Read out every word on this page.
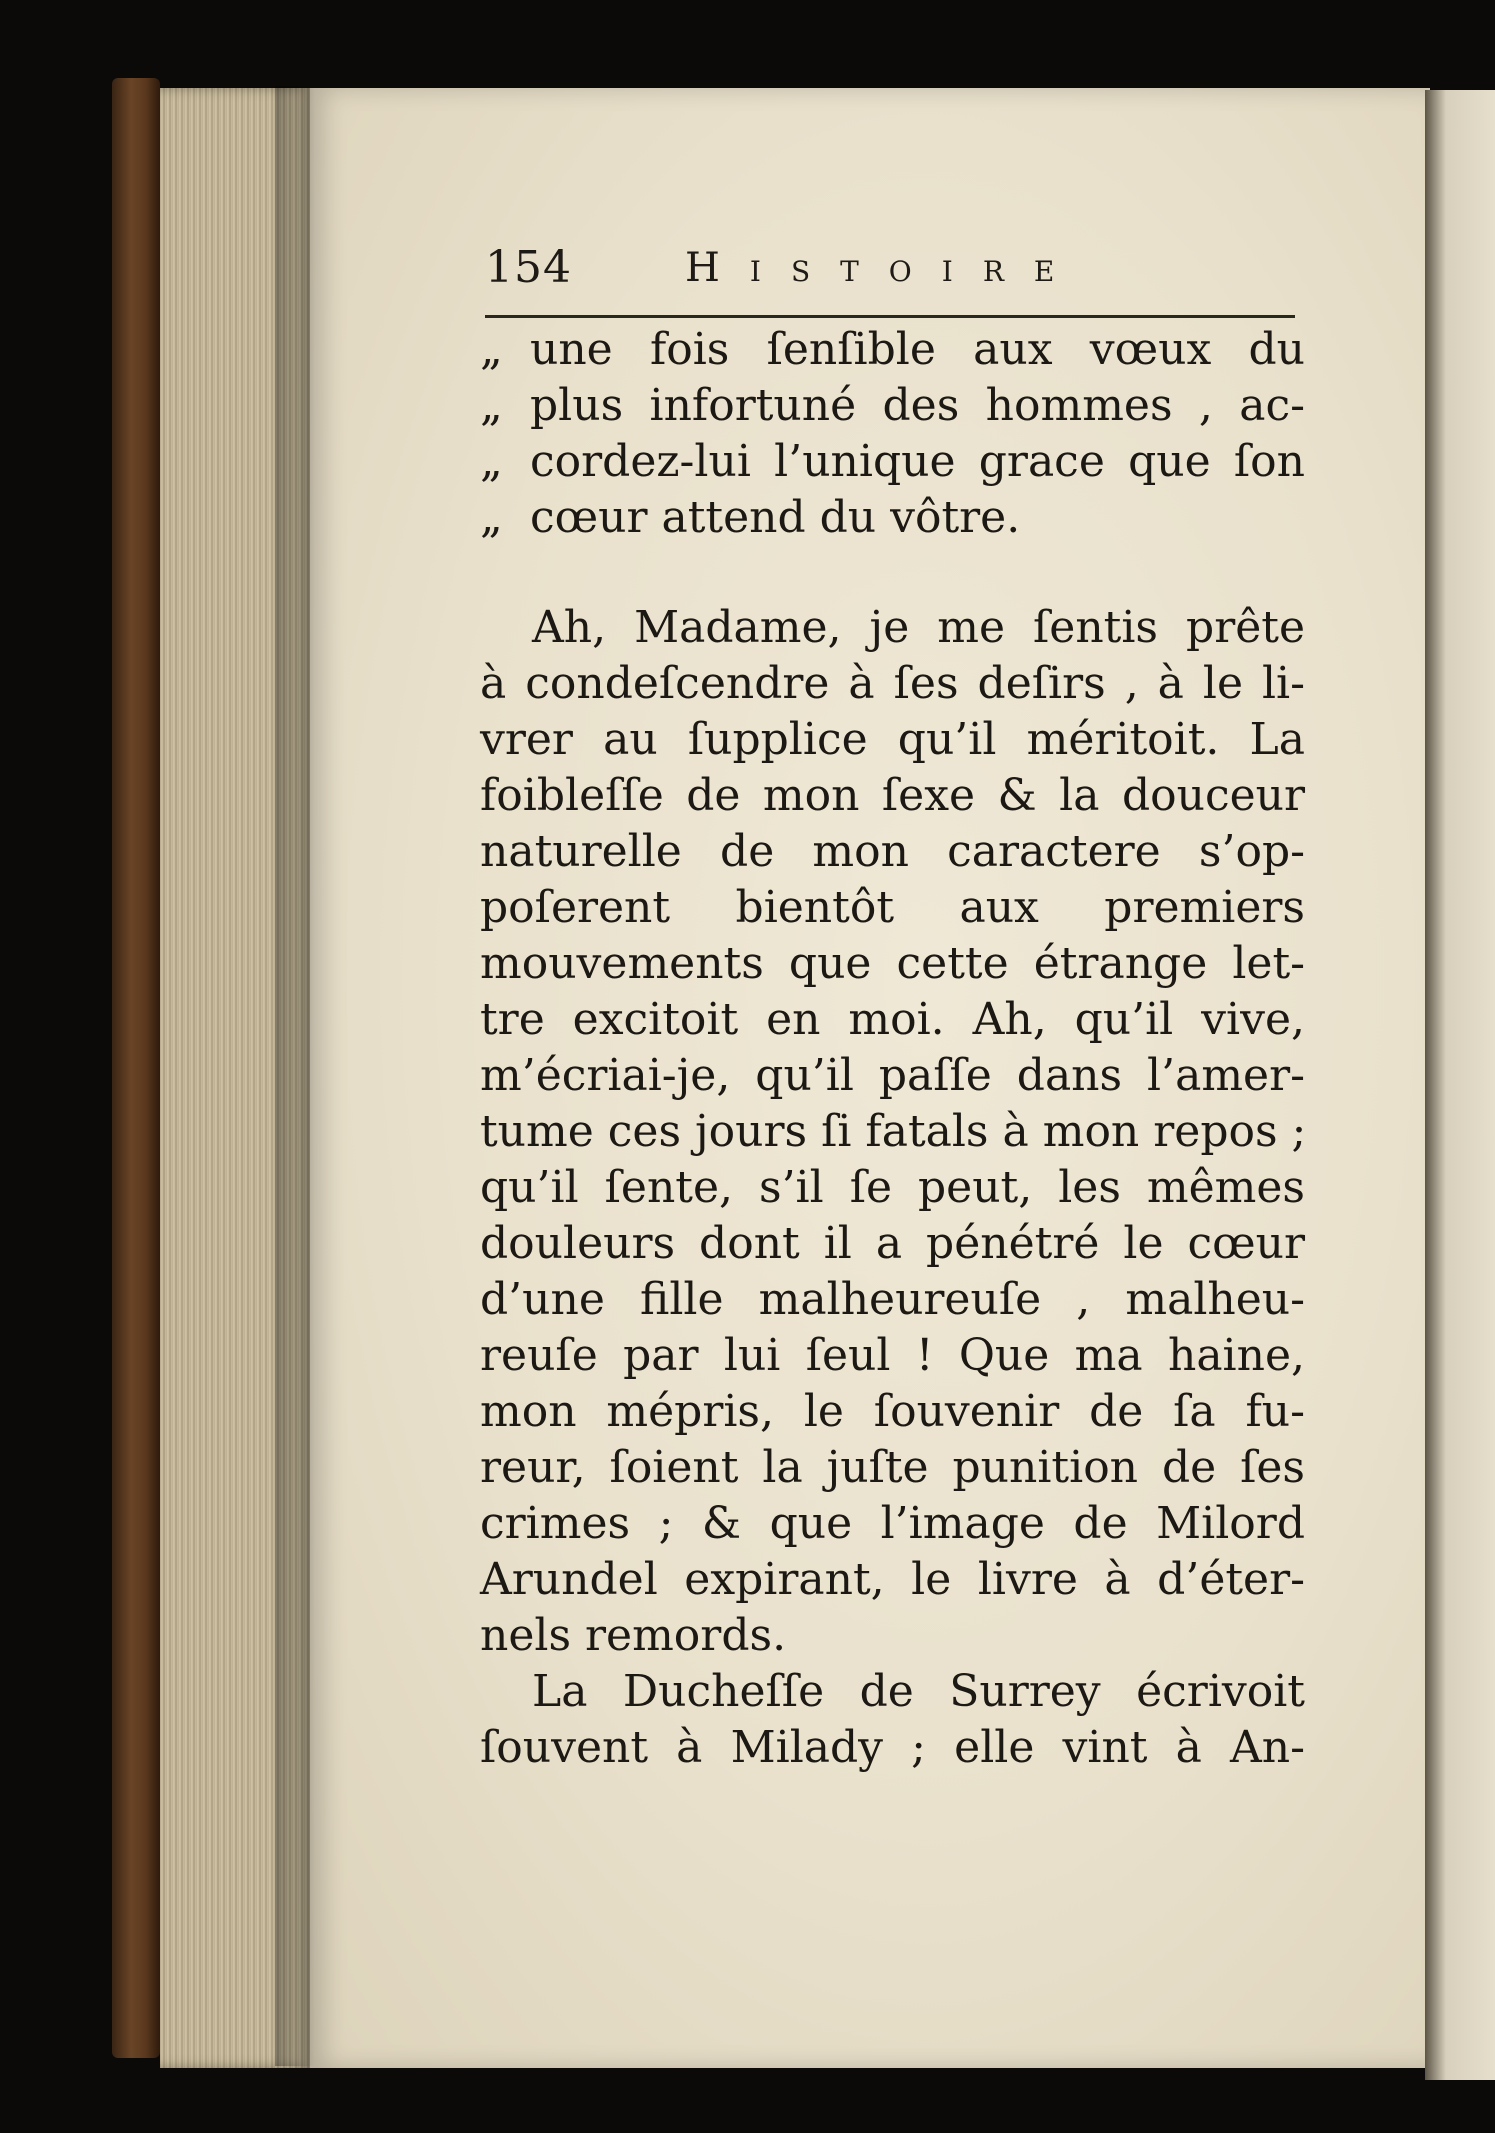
154	Histoire
„ une fois ſenſible aux vœux du
„ plus infortuné des hommes , ac-
„ cordez-lui l’unique grace que ſon
„ cœur attend du vôtre.
Ah, Madame, je me ſentis prête
à condeſcendre à ſes deſirs , à le li-
vrer au ſupplice qu’il méritoit. La
foibleſſe de mon ſexe & la douceur
naturelle de mon caractere s’op-
poſerent bientôt aux premiers
mouvements que cette étrange let-
tre excitoit en moi. Ah, qu’il vive,
m’écriai-je, qu’il paſſe dans l’amer-
tume ces jours ſi fatals à mon repos ;
qu’il ſente, s’il ſe peut, les mêmes
douleurs dont il a pénétré le cœur
d’une fille malheureuſe , malheu-
reuſe par lui ſeul ! Que ma haine,
mon mépris, le ſouvenir de ſa fu-
reur, ſoient la juſte punition de ſes
crimes ; & que l’image de Milord
Arundel expirant, le livre à d’éter-
nels remords.
La Ducheſſe de Surrey écrivoit
ſouvent à Milady ; elle vint à An-
